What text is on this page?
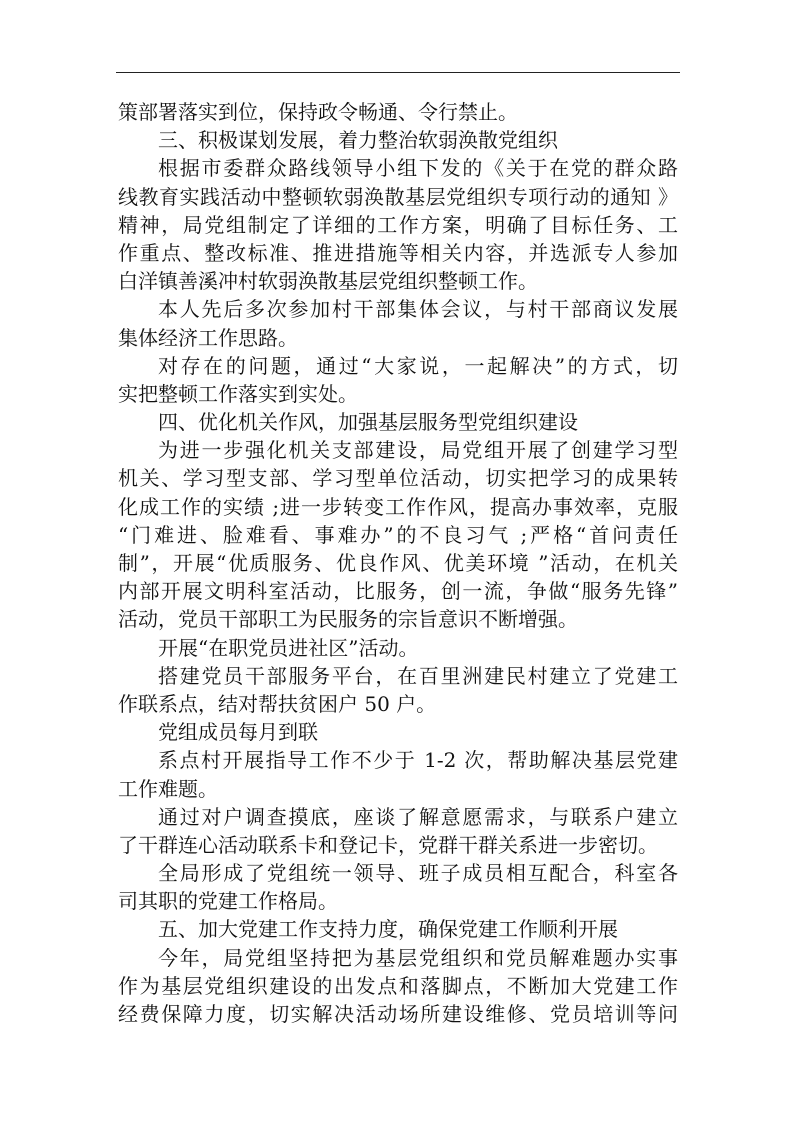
策部署落实到位，保持政令畅通、令行禁止。
三、积极谋划发展，着力整治软弱涣散党组织
根据市委群众路线领导小组下发的《关于在党的群众路
线教育实践活动中整顿软弱涣散基层党组织专项行动的通知 》
精神，局党组制定了详细的工作方案，明确了目标任务、工
作重点、整改标准、推进措施等相关内容，并选派专人参加
白洋镇善溪冲村软弱涣散基层党组织整顿工作。
本人先后多次参加村干部集体会议，与村干部商议发展
集体经济工作思路。
对存在的问题，通过“大家说，一起解决”的方式，切
实把整顿工作落实到实处。
四、优化机关作风，加强基层服务型党组织建设
为进一步强化机关支部建设，局党组开展了创建学习型
机关、学习型支部、学习型单位活动，切实把学习的成果转
化成工作的实绩 ;进一步转变工作作风，提高办事效率，克服
“门难进、脸难看、事难办”的不良习气 ;严格“首问责任
制”，开展“优质服务、优良作风、优美环境 ”活动，在机关
内部开展文明科室活动，比服务，创一流，争做“服务先锋”
活动，党员干部职工为民服务的宗旨意识不断增强。
开展“在职党员进社区”活动。
搭建党员干部服务平台，在百里洲建民村建立了党建工
作联系点，结对帮扶贫困户 50 户。
党组成员每月到联
系点村开展指导工作不少于 1-2 次，帮助解决基层党建
工作难题。
通过对户调查摸底，座谈了解意愿需求，与联系户建立
了干群连心活动联系卡和登记卡，党群干群关系进一步密切。
全局形成了党组统一领导、班子成员相互配合，科室各
司其职的党建工作格局。
五、加大党建工作支持力度，确保党建工作顺利开展
今年，局党组坚持把为基层党组织和党员解难题办实事
作为基层党组织建设的出发点和落脚点，不断加大党建工作
经费保障力度，切实解决活动场所建设维修、党员培训等问
